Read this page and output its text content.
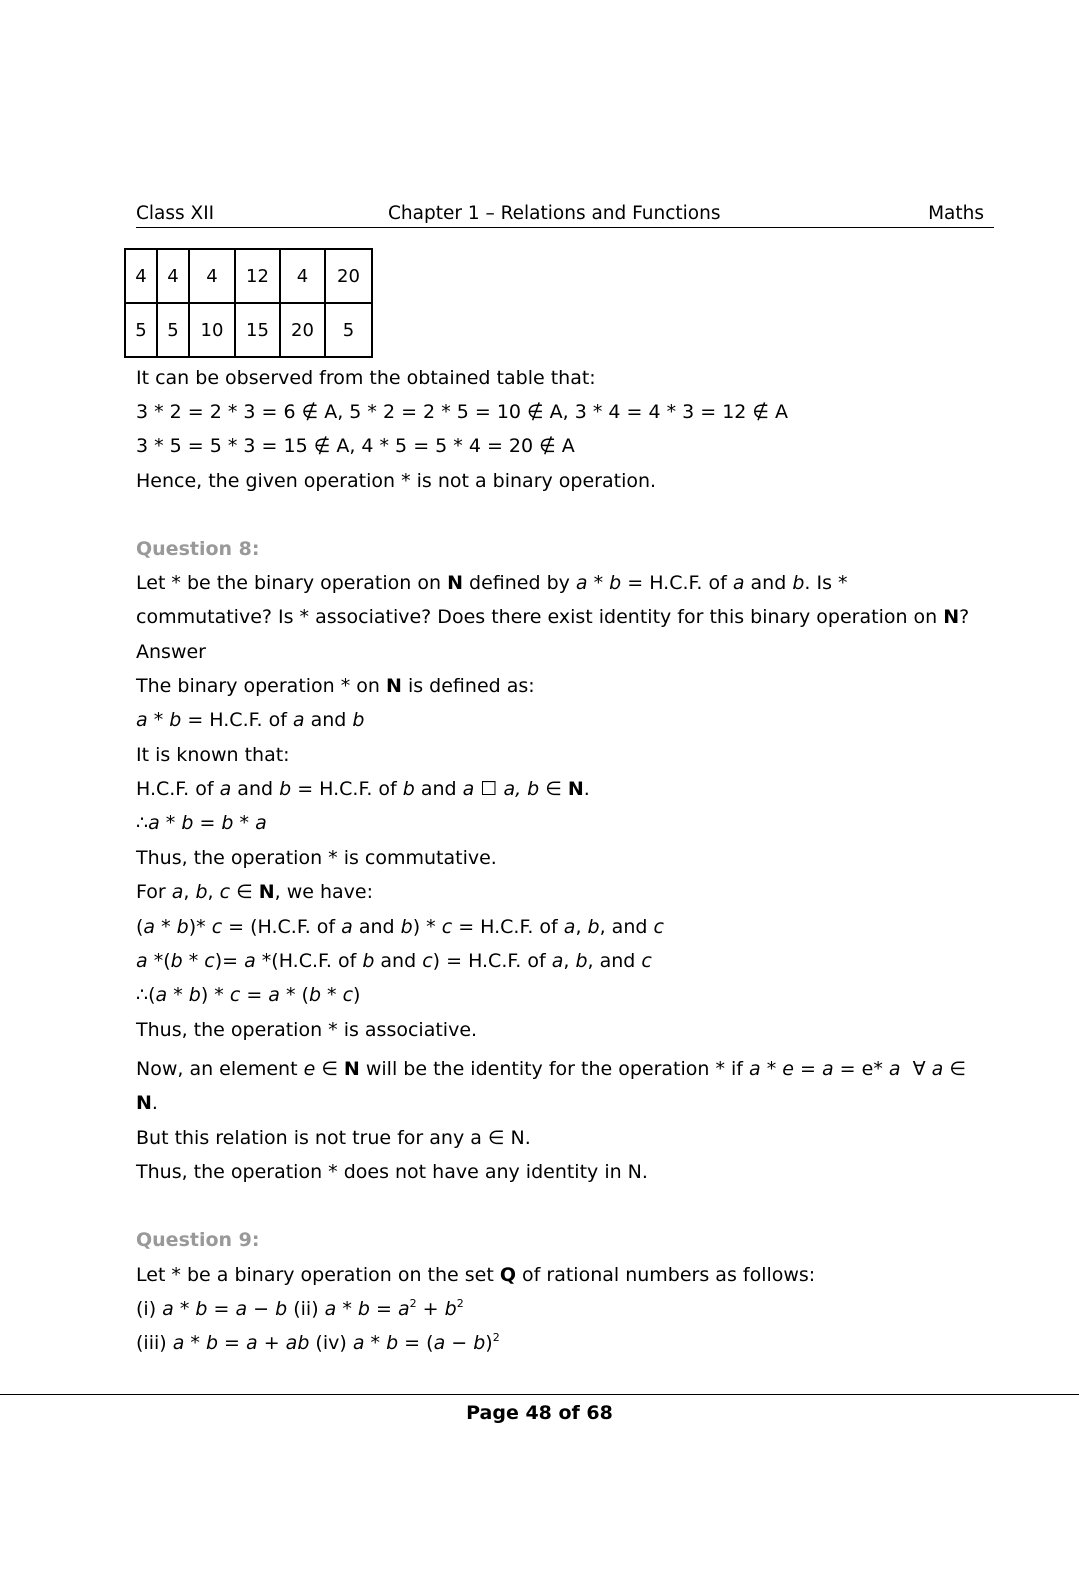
Class XII	Chapter 1 – Relations and Functions	Maths
4	4	4	12	4	20
5	5	10	15	20	5
It can be observed from the obtained table that:
3 * 2 = 2 * 3 = 6 ∉ A, 5 * 2 = 2 * 5 = 10 ∉ A, 3 * 4 = 4 * 3 = 12 ∉ A
3 * 5 = 5 * 3 = 15 ∉ A, 4 * 5 = 5 * 4 = 20 ∉ A
Hence, the given operation * is not a binary operation.
Question 8:
Let * be the binary operation on N defined by a * b = H.C.F. of a and b. Is *
commutative? Is * associative? Does there exist identity for this binary operation on N?
Answer
The binary operation * on N is defined as:
a * b = H.C.F. of a and b
It is known that:
H.C.F. of a and b = H.C.F. of b and a ☐ a, b ∈ N.
∴a * b = b * a
Thus, the operation * is commutative.
For a, b, c ∈ N, we have:
(a * b)* c = (H.C.F. of a and b) * c = H.C.F. of a, b, and c
a *(b * c)= a *(H.C.F. of b and c) = H.C.F. of a, b, and c
∴(a * b) * c = a * (b * c)
Thus, the operation * is associative.
Now, an element e ∈ N will be the identity for the operation * if a * e = a = e* a  ∀ a ∈
N.
But this relation is not true for any a ∈ N.
Thus, the operation * does not have any identity in N.
Question 9:
Let * be a binary operation on the set Q of rational numbers as follows:
(i) a * b = a − b (ii) $a * b = a^2 + b^2$
(iii) a * b = a + ab (iv) $a * b = (a - b)^2$
Page 48 of 68
